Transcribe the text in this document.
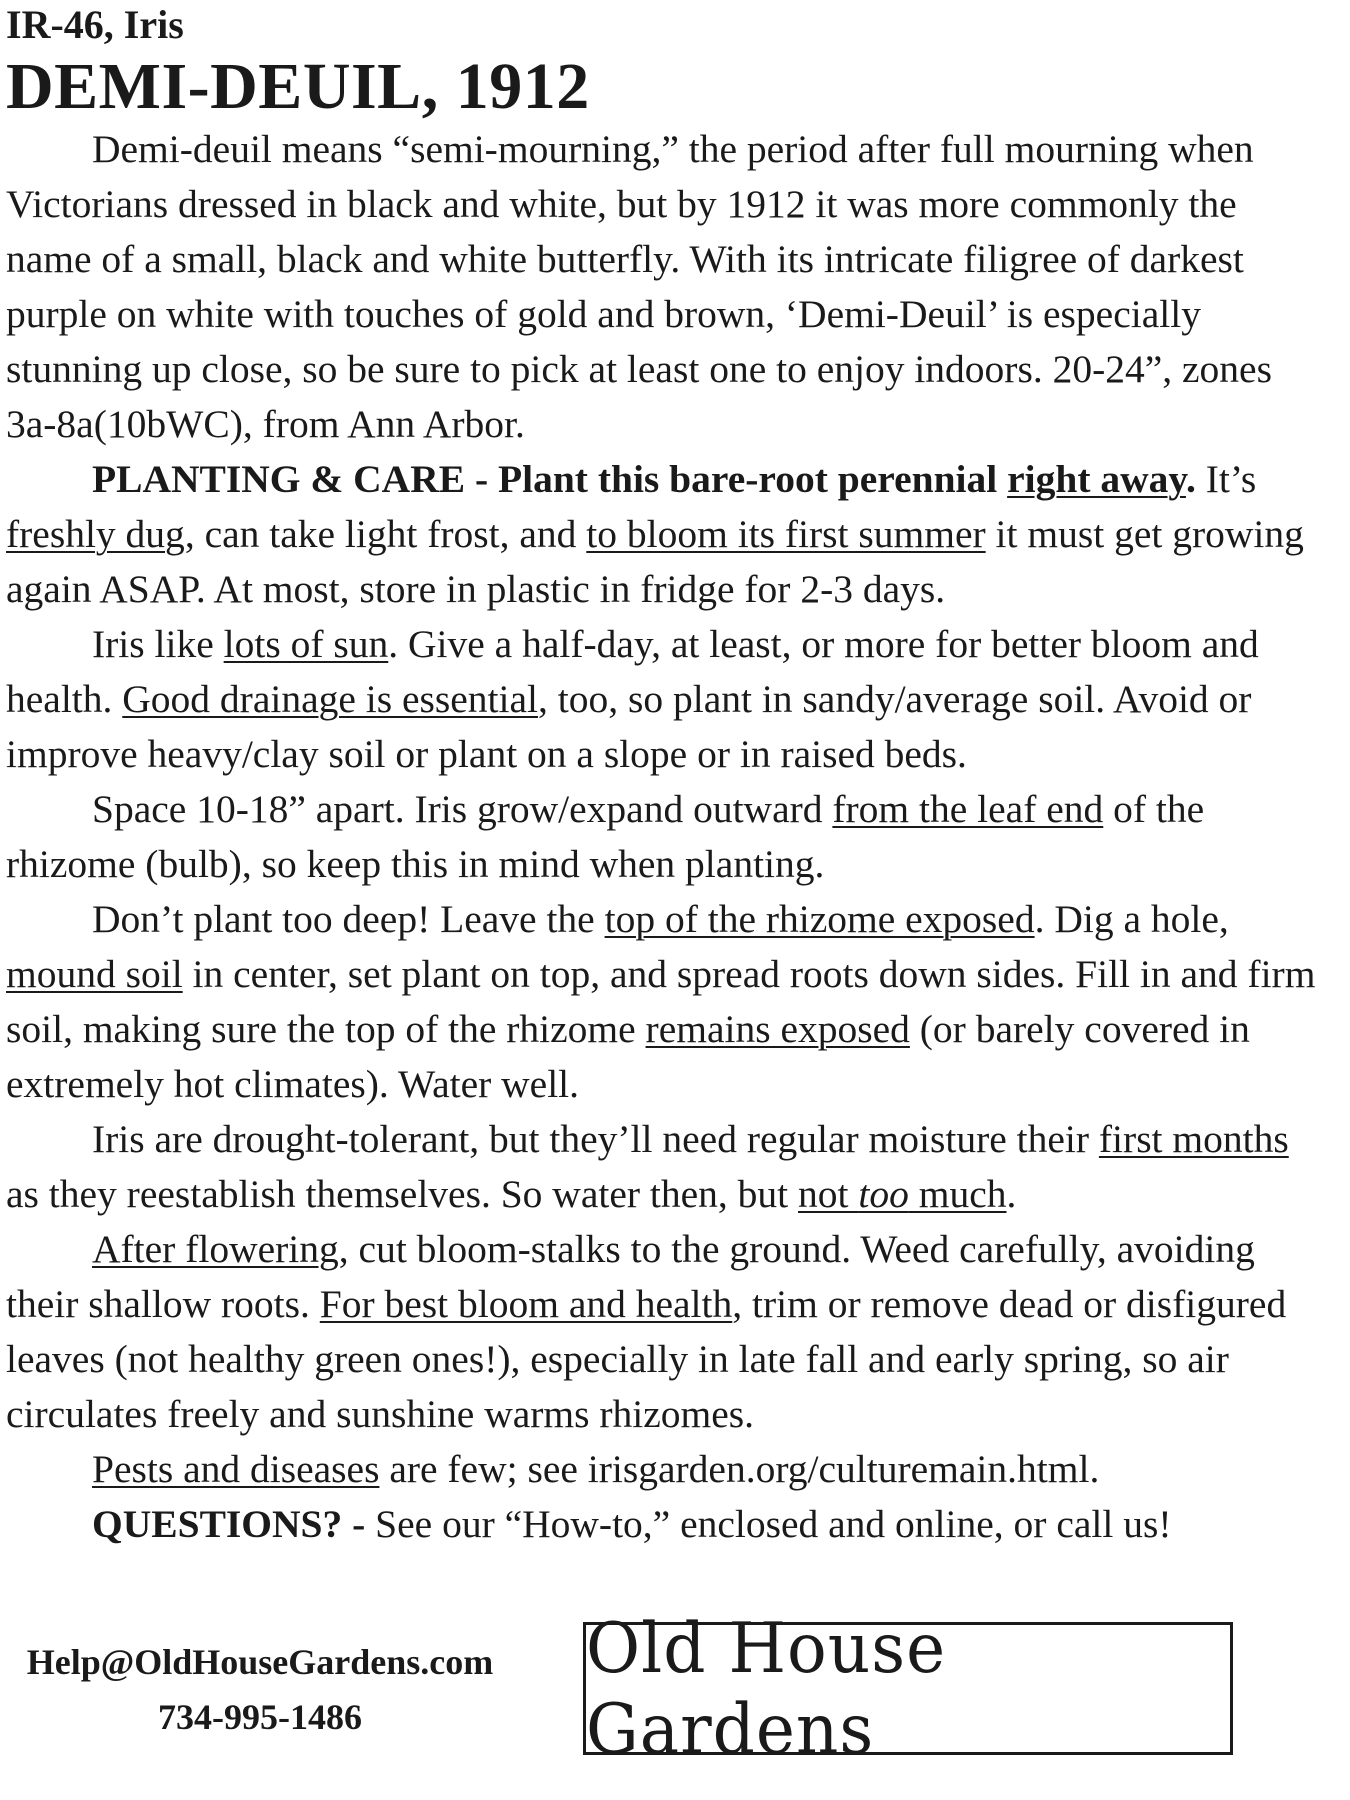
IR-46, Iris
DEMI-DEUIL, 1912

Demi-deuil means “semi-mourning,” the period after full mourning when Victorians dressed in black and white, but by 1912 it was more commonly the name of a small, black and white butterfly. With its intricate filigree of darkest purple on white with touches of gold and brown, ‘Demi-Deuil’ is especially stunning up close, so be sure to pick at least one to enjoy indoors. 20-24”, zones 3a-8a(10bWC), from Ann Arbor.

PLANTING & CARE - Plant this bare-root perennial right away. It’s freshly dug, can take light frost, and to bloom its first summer it must get growing again ASAP. At most, store in plastic in fridge for 2-3 days.

Iris like lots of sun. Give a half-day, at least, or more for better bloom and health. Good drainage is essential, too, so plant in sandy/average soil. Avoid or improve heavy/clay soil or plant on a slope or in raised beds.

Space 10-18” apart. Iris grow/expand outward from the leaf end of the rhizome (bulb), so keep this in mind when planting.

Don’t plant too deep! Leave the top of the rhizome exposed. Dig a hole, mound soil in center, set plant on top, and spread roots down sides. Fill in and firm soil, making sure the top of the rhizome remains exposed (or barely covered in extremely hot climates). Water well.

Iris are drought-tolerant, but they’ll need regular moisture their first months as they reestablish themselves. So water then, but not too much.

After flowering, cut bloom-stalks to the ground. Weed carefully, avoiding their shallow roots. For best bloom and health, trim or remove dead or disfigured leaves (not healthy green ones!), especially in late fall and early spring, so air circulates freely and sunshine warms rhizomes.

Pests and diseases are few; see irisgarden.org/culturemain.html.

QUESTIONS? - See our “How-to,” enclosed and online, or call us!

Help@OldHouseGardens.com
734-995-1486
Old House Gardens
